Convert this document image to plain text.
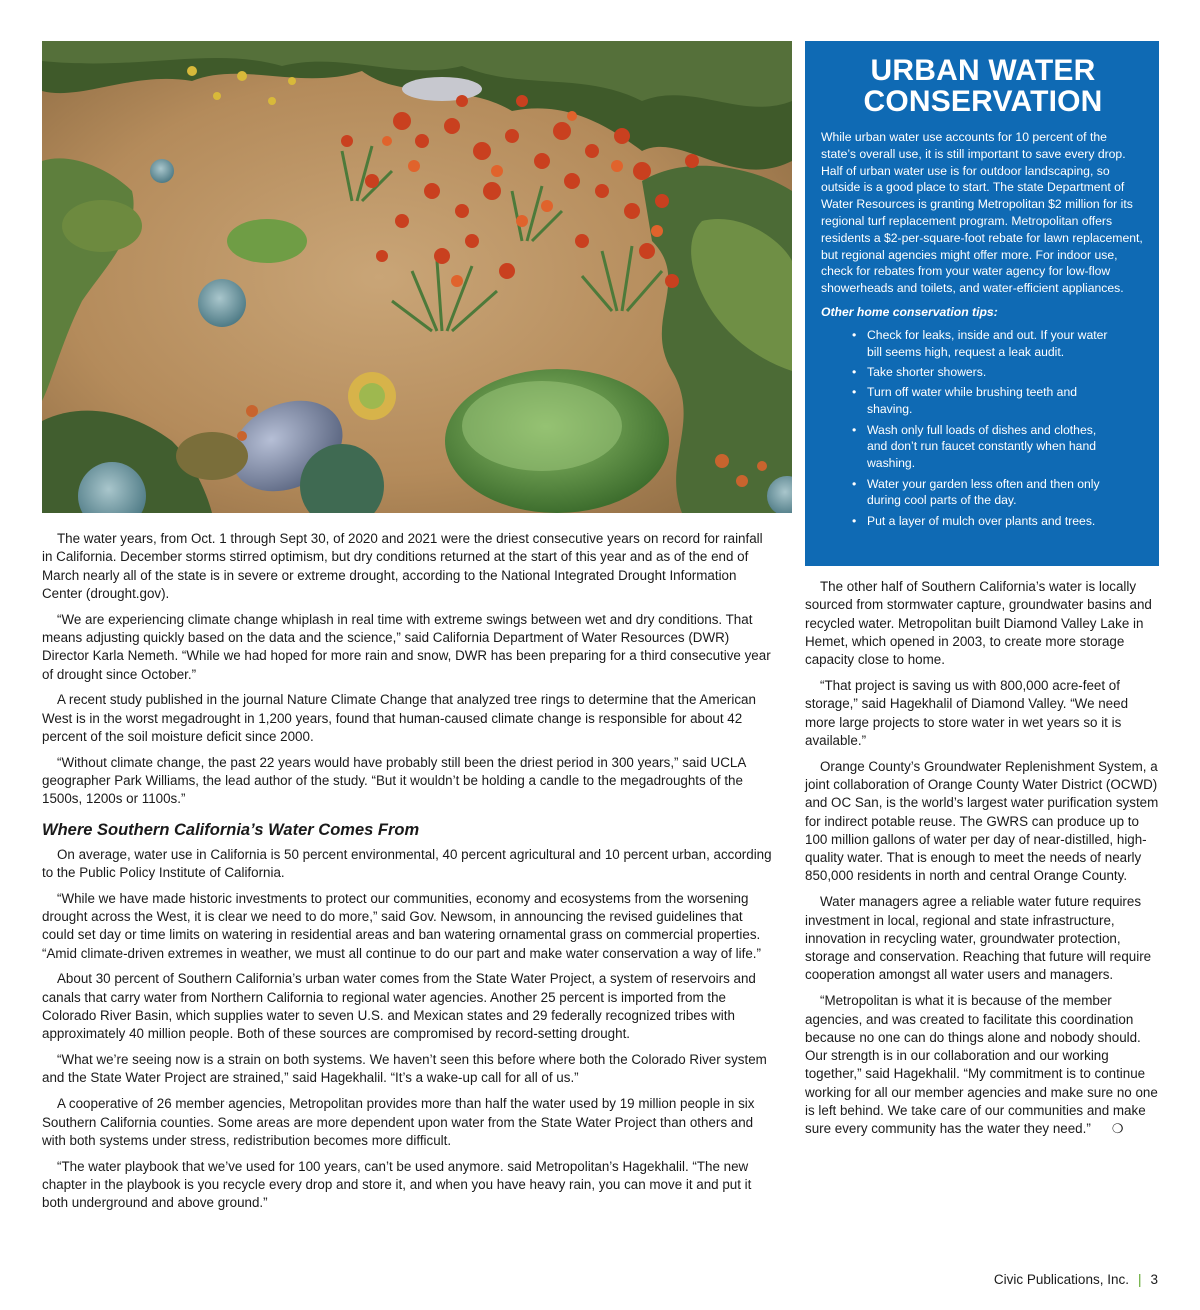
URBAN WATER
CONSERVATION

While urban water use accounts for 10 percent of the state’s overall use, it is still important to save every drop. Half of urban water use is for outdoor landscaping, so outside is a good place to start. The state Department of Water Resources is granting Metropolitan $2 million for its regional turf replacement program. Metropolitan offers residents a $2-per-square-foot rebate for lawn replacement, but regional agencies might offer more. For indoor use, check for rebates from your water agency for low-flow showerheads and toilets, and water-efficient appliances.

Other home conservation tips:

• Check for leaks, inside and out. If your water bill seems high, request a leak audit.
• Take shorter showers.
• Turn off water while brushing teeth and shaving.
• Wash only full loads of dishes and clothes, and don’t run faucet constantly when hand washing.
• Water your garden less often and then only during cool parts of the day.
• Put a layer of mulch over plants and trees.

The water years, from Oct. 1 through Sept 30, of 2020 and 2021 were the driest consecutive years on record for rainfall in California. December storms stirred optimism, but dry conditions returned at the start of this year and as of the end of March nearly all of the state is in severe or extreme drought, according to the National Integrated Drought Information Center (drought.gov).

“We are experiencing climate change whiplash in real time with extreme swings between wet and dry conditions. That means adjusting quickly based on the data and the science,” said California Department of Water Resources (DWR) Director Karla Nemeth. “While we had hoped for more rain and snow, DWR has been preparing for a third consecutive year of drought since October.”

A recent study published in the journal Nature Climate Change that analyzed tree rings to determine that the American West is in the worst megadrought in 1,200 years, found that human-caused climate change is responsible for about 42 percent of the soil moisture deficit since 2000.

“Without climate change, the past 22 years would have probably still been the driest period in 300 years,” said UCLA geographer Park Williams, the lead author of the study. “But it wouldn’t be holding a candle to the megadroughts of the 1500s, 1200s or 1100s.”

Where Southern California’s Water Comes From

On average, water use in California is 50 percent environmental, 40 percent agricultural and 10 percent urban, according to the Public Policy Institute of California.

“While we have made historic investments to protect our communities, economy and ecosystems from the worsening drought across the West, it is clear we need to do more,” said Gov. Newsom, in announcing the revised guidelines that could set day or time limits on watering in residential areas and ban watering ornamental grass on commercial properties. “Amid climate-driven extremes in weather, we must all continue to do our part and make water conservation a way of life.”

About 30 percent of Southern California’s urban water comes from the State Water Project, a system of reservoirs and canals that carry water from Northern California to regional water agencies. Another 25 percent is imported from the Colorado River Basin, which supplies water to seven U.S. and Mexican states and 29 federally recognized tribes with approximately 40 million people. Both of these sources are compromised by record-setting drought.

“What we’re seeing now is a strain on both systems. We haven’t seen this before where both the Colorado River system and the State Water Project are strained,” said Hagekhalil. “It’s a wake-up call for all of us.”

A cooperative of 26 member agencies, Metropolitan provides more than half the water used by 19 million people in six Southern California counties. Some areas are more dependent upon water from the State Water Project than others and with both systems under stress, redistribution becomes more difficult.

“The water playbook that we’ve used for 100 years, can’t be used anymore. said Metropolitan’s Hagekhalil. “The new chapter in the playbook is you recycle every drop and store it, and when you have heavy rain, you can move it and put it both underground and above ground.”

The other half of Southern California’s water is locally sourced from stormwater capture, groundwater basins and recycled water. Metropolitan built Diamond Valley Lake in Hemet, which opened in 2003, to create more storage capacity close to home.

“That project is saving us with 800,000 acre-feet of storage,” said Hagekhalil of Diamond Valley. “We need more large projects to store water in wet years so it is available.”

Orange County’s Groundwater Replenishment System, a joint collaboration of Orange County Water District (OCWD) and OC San, is the world’s largest water purification system for indirect potable reuse. The GWRS can produce up to 100 million gallons of water per day of near-distilled, high-quality water. That is enough to meet the needs of nearly 850,000 residents in north and central Orange County.

Water managers agree a reliable water future requires investment in local, regional and state infrastructure, innovation in recycling water, groundwater protection, storage and conservation. Reaching that future will require cooperation amongst all water users and managers.

“Metropolitan is what it is because of the member agencies, and was created to facilitate this coordination because no one can do things alone and nobody should. Our strength is in our collaboration and our working together,” said Hagekhalil. “My commitment is to continue working for all our member agencies and make sure no one is left behind. We take care of our communities and make sure every community has the water they need.” ❍

Civic Publications, Inc. | 3
